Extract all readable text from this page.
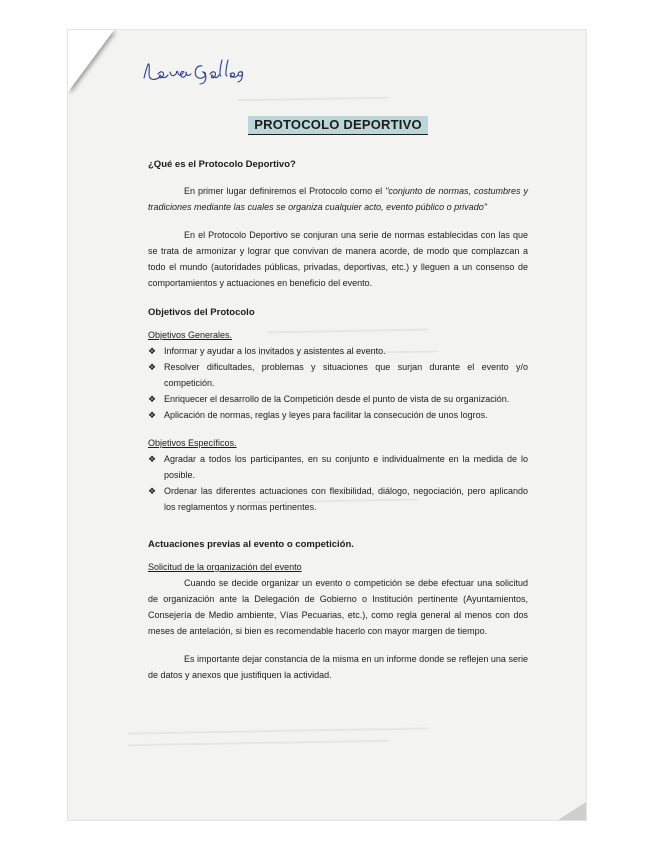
PROTOCOLO DEPORTIVO

¿Qué es el Protocolo Deportivo?

En primer lugar definiremos el Protocolo como el "conjunto de normas, costumbres y tradiciones mediante las cuales se organiza cualquier acto, evento público o privado"

En el Protocolo Deportivo se conjuran una serie de normas establecidas con las que se trata de armonizar y lograr que convivan de manera acorde, de modo que complazcan a todo el mundo (autoridades públicas, privadas, deportivas, etc.) y lleguen a un consenso de comportamientos y actuaciones en beneficio del evento.

Objetivos del Protocolo

Objetivos Generales.

❖ Informar y ayudar a los invitados y asistentes al evento.
❖ Resolver dificultades, problemas y situaciones que surjan durante el evento y/o competición.
❖ Enriquecer el desarrollo de la Competición desde el punto de vista de su organización.
❖ Aplicación de normas, reglas y leyes para facilitar la consecución de unos logros.

Objetivos Específicos.

❖ Agradar a todos los participantes, en su conjunto e individualmente en la medida de lo posible.
❖ Ordenar las diferentes actuaciones con flexibilidad, diálogo, negociación, pero aplicando los reglamentos y normas pertinentes.

Actuaciones previas al evento o competición.

Solicitud de la organización del evento

Cuando se decide organizar un evento o competición se debe efectuar una solicitud de organización ante la Delegación de Gobierno o Institución pertinente (Ayuntamientos, Consejería de Medio ambiente, Vías Pecuarias, etc.), como regla general al menos con dos meses de antelación, si bien es recomendable hacerlo con mayor margen de tiempo.

Es importante dejar constancia de la misma en un informe donde se reflejen una serie de datos y anexos que justifiquen la actividad.
